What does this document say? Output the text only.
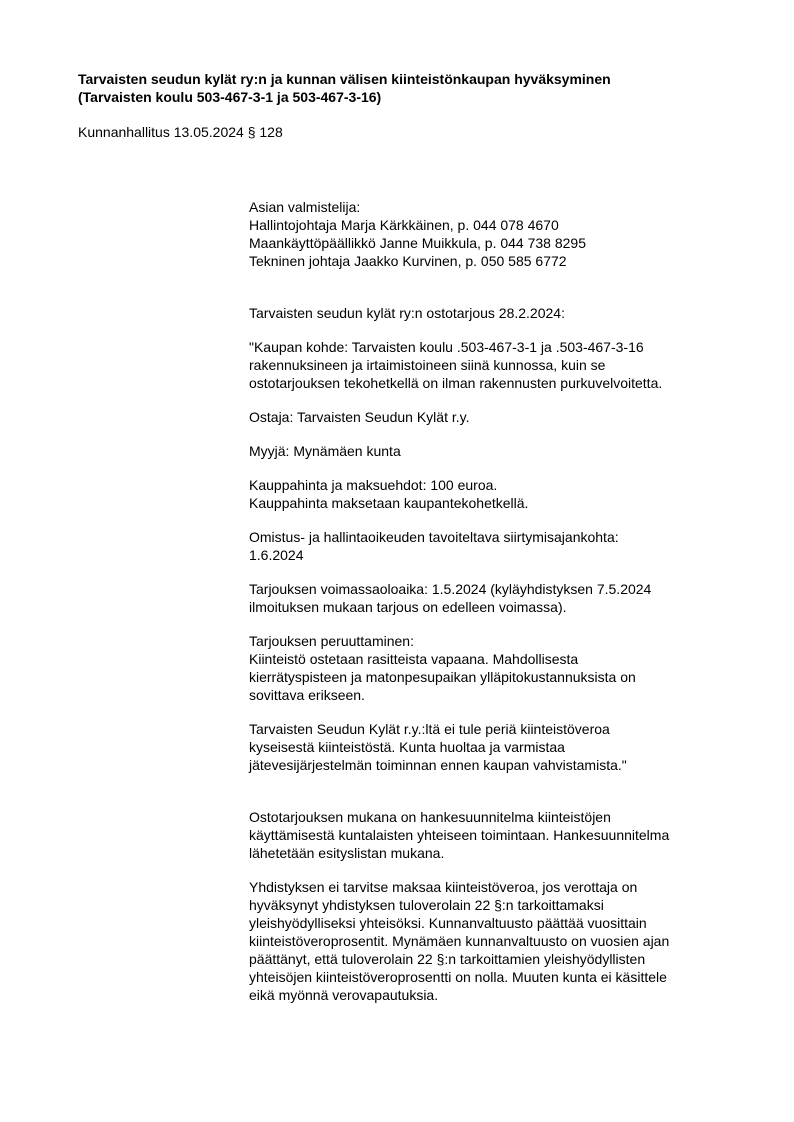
Tarvaisten seudun kylät ry:n ja kunnan välisen kiinteistönkaupan hyväksyminen
(Tarvaisten koulu 503-467-3-1 ja 503-467-3-16)
Kunnanhallitus 13.05.2024 § 128
Asian valmistelija:
Hallintojohtaja Marja Kärkkäinen, p. 044 078 4670
Maankäyttöpäällikkö Janne Muikkula, p. 044 738 8295
Tekninen johtaja Jaakko Kurvinen, p. 050 585 6772
Tarvaisten seudun kylät ry:n ostotarjous 28.2.2024:
"Kaupan kohde: Tarvaisten koulu .503-467-3-1 ja .503-467-3-16
rakennuksineen ja irtaimistoineen siinä kunnossa, kuin se
ostotarjouksen tekohetkellä on ilman rakennusten purkuvelvoitetta.
Ostaja: Tarvaisten Seudun Kylät r.y.
Myyjä: Mynämäen kunta
Kauppahinta ja maksuehdot: 100 euroa.
Kauppahinta maksetaan kaupantekohetkellä.
Omistus- ja hallintaoikeuden tavoiteltava siirtymisajankohta:
1.6.2024
Tarjouksen voimassaoloaika: 1.5.2024 (kyläyhdistyksen 7.5.2024
ilmoituksen mukaan tarjous on edelleen voimassa).
Tarjouksen peruuttaminen:
Kiinteistö ostetaan rasitteista vapaana. Mahdollisesta
kierrätyspisteen ja matonpesupaikan ylläpitokustannuksista on
sovittava erikseen.
Tarvaisten Seudun Kylät r.y.:ltä ei tule periä kiinteistöveroa
kyseisestä kiinteistöstä. Kunta huoltaa ja varmistaa
jätevesijärjestelmän toiminnan ennen kaupan vahvistamista."
Ostotarjouksen mukana on hankesuunnitelma kiinteistöjen
käyttämisestä kuntalaisten yhteiseen toimintaan. Hankesuunnitelma
lähetetään esityslistan mukana.
Yhdistyksen ei tarvitse maksaa kiinteistöveroa, jos verottaja on
hyväksynyt yhdistyksen tuloverolain 22 §:n tarkoittamaksi
yleishyödylliseksi yhteisöksi. Kunnanvaltuusto päättää vuosittain
kiinteistöveroprosentit. Mynämäen kunnanvaltuusto on vuosien ajan
päättänyt, että tuloverolain 22 §:n tarkoittamien yleishyödyllisten
yhteisöjen kiinteistöveroprosentti on nolla. Muuten kunta ei käsittele
eikä myönnä verovapautuksia.
